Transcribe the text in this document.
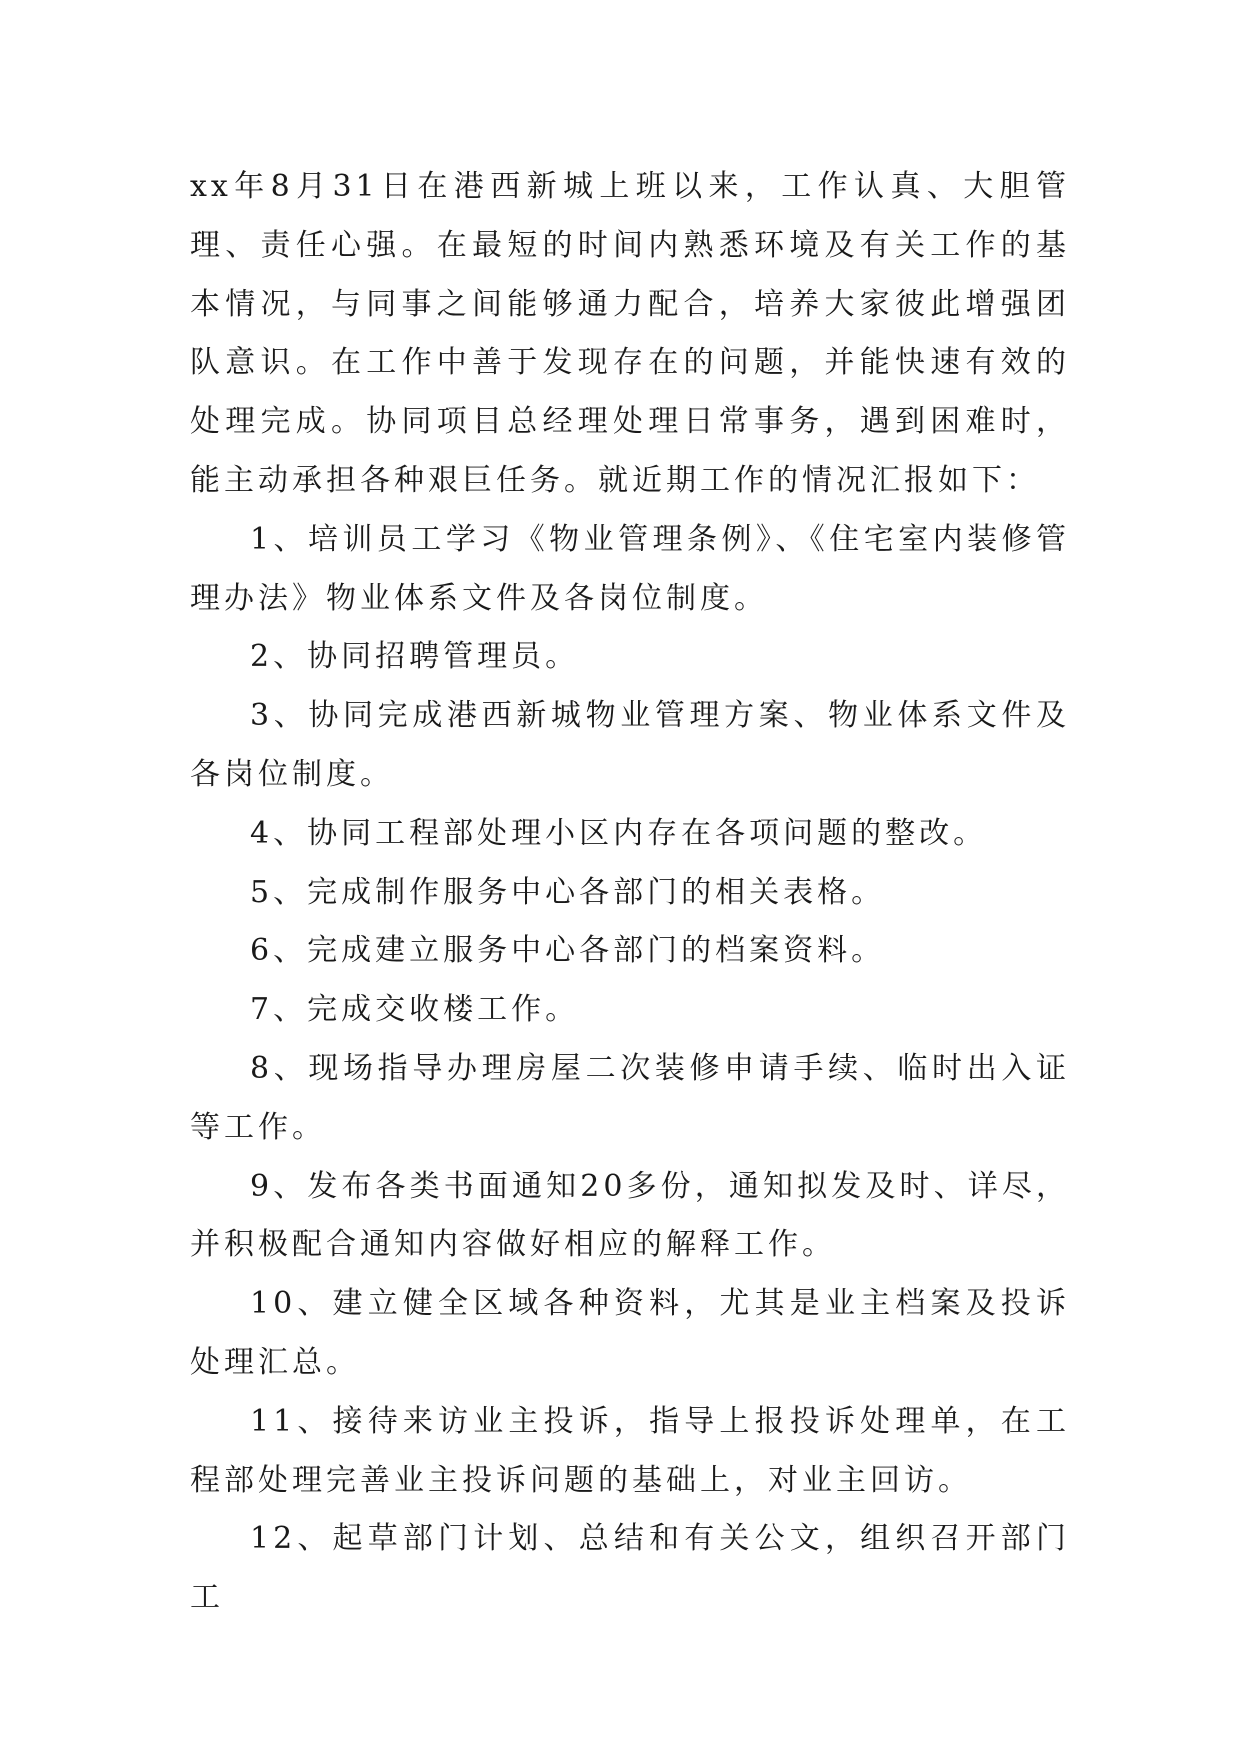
xx年8月31日在港西新城上班以来，工作认真、大胆管理、责任心强。在最短的时间内熟悉环境及有关工作的基本情况，与同事之间能够通力配合，培养大家彼此增强团队意识。在工作中善于发现存在的问题，并能快速有效的处理完成。协同项目总经理处理日常事务，遇到困难时，能主动承担各种艰巨任务。就近期工作的情况汇报如下：

1、培训员工学习《物业管理条例》、《住宅室内装修管理办法》物业体系文件及各岗位制度。

2、协同招聘管理员。

3、协同完成港西新城物业管理方案、物业体系文件及各岗位制度。

4、协同工程部处理小区内存在各项问题的整改。

5、完成制作服务中心各部门的相关表格。

6、完成建立服务中心各部门的档案资料。

7、完成交收楼工作。

8、现场指导办理房屋二次装修申请手续、临时出入证等工作。

9、发布各类书面通知20多份，通知拟发及时、详尽，并积极配合通知内容做好相应的解释工作。

10、建立健全区域各种资料，尤其是业主档案及投诉处理汇总。

11、接待来访业主投诉，指导上报投诉处理单，在工程部处理完善业主投诉问题的基础上，对业主回访。

12、起草部门计划、总结和有关公文，组织召开部门工
